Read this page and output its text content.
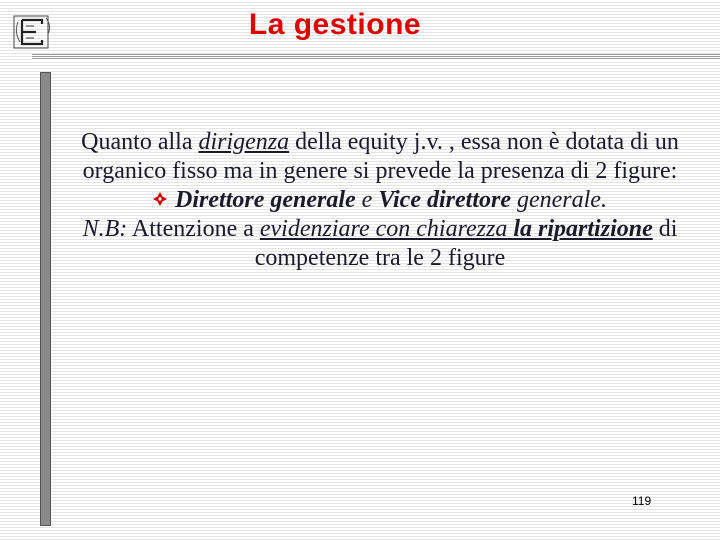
La gestione

Quanto alla dirigenza della equity j.v. , essa non è dotata di un organico fisso ma in genere si prevede la presenza di 2 figure:

Direttore generale e Vice direttore generale.

N.B: Attenzione a evidenziare con chiarezza la ripartizione di competenze tra le 2 figure

119
